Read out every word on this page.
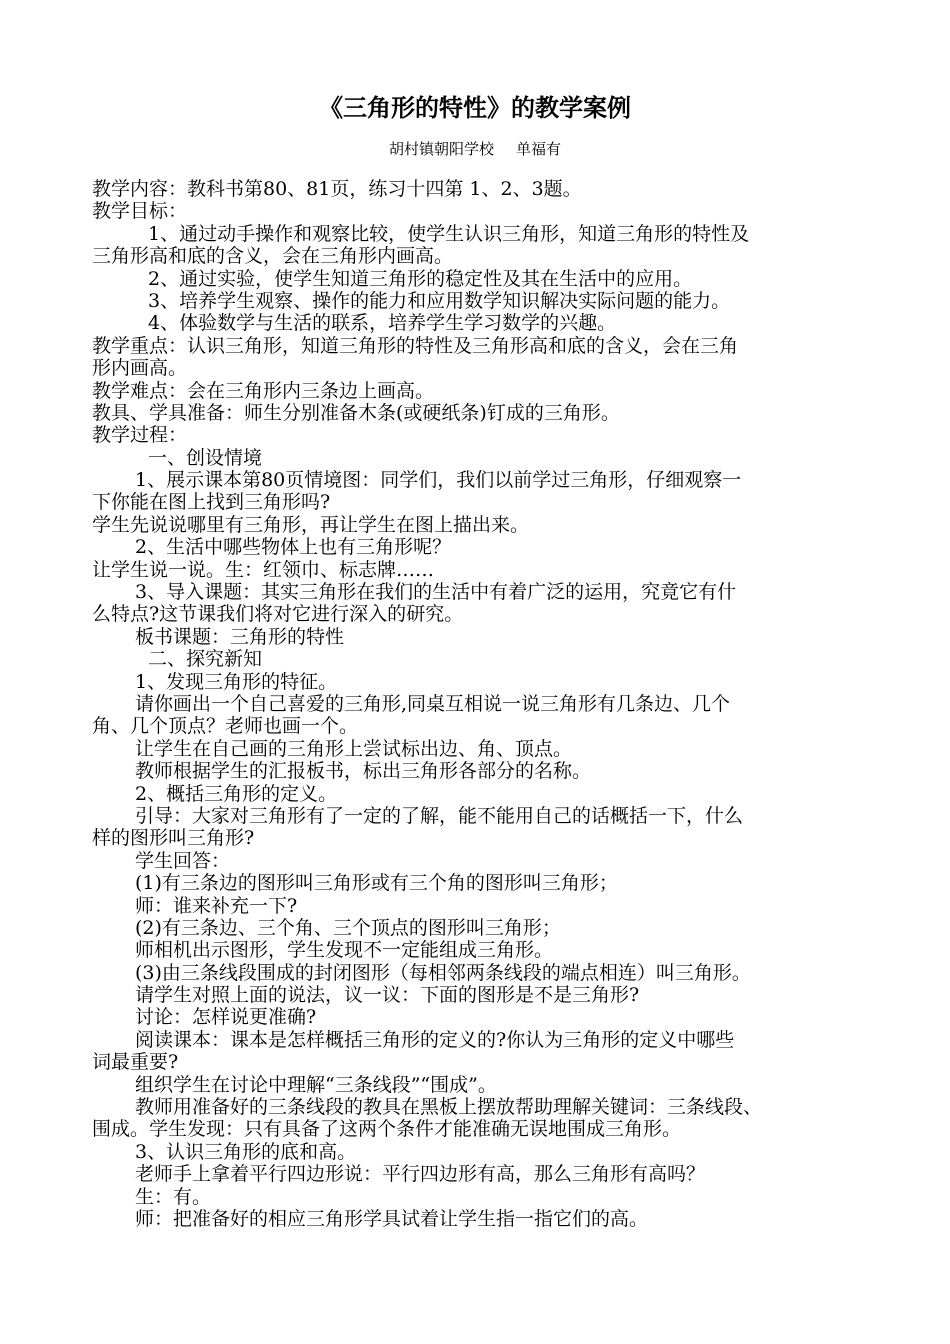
《三角形的特性》的教学案例
胡村镇朝阳学校 单福有
教学内容：教科书第80、81页，练习十四第 1、2、3题。
教学目标：
1、通过动手操作和观察比较，使学生认识三角形，知道三角形的特性及
三角形高和底的含义，会在三角形内画高。
2、通过实验，使学生知道三角形的稳定性及其在生活中的应用。
3、培养学生观察、操作的能力和应用数学知识解决实际问题的能力。
4、体验数学与生活的联系，培养学生学习数学的兴趣。
教学重点：认识三角形，知道三角形的特性及三角形高和底的含义，会在三角
形内画高。
教学难点：会在三角形内三条边上画高。
教具、学具准备：师生分别准备木条(或硬纸条)钉成的三角形。
教学过程：
一、创设情境
1、展示课本第80页情境图：同学们，我们以前学过三角形，仔细观察一
下你能在图上找到三角形吗?
学生先说说哪里有三角形，再让学生在图上描出来。
2、生活中哪些物体上也有三角形呢？
让学生说一说。生：红领巾、标志牌……
3、导入课题：其实三角形在我们的生活中有着广泛的运用，究竟它有什
么特点?这节课我们将对它进行深入的研究。
板书课题：三角形的特性
二、探究新知
1、发现三角形的特征。
请你画出一个自己喜爱的三角形,同桌互相说一说三角形有几条边、几个
角、几个顶点？老师也画一个。
让学生在自己画的三角形上尝试标出边、角、顶点。
教师根据学生的汇报板书，标出三角形各部分的名称。
2、概括三角形的定义。
引导：大家对三角形有了一定的了解，能不能用自己的话概括一下，什么
样的图形叫三角形?
学生回答：
(1)有三条边的图形叫三角形或有三个角的图形叫三角形；
师：谁来补充一下?
(2)有三条边、三个角、三个顶点的图形叫三角形；
师相机出示图形，学生发现不一定能组成三角形。
(3)由三条线段围成的封闭图形（每相邻两条线段的端点相连）叫三角形。
请学生对照上面的说法，议一议：下面的图形是不是三角形?
讨论：怎样说更准确?
阅读课本：课本是怎样概括三角形的定义的?你认为三角形的定义中哪些
词最重要?
组织学生在讨论中理解“三条线段”“围成”。
教师用准备好的三条线段的教具在黑板上摆放帮助理解关键词：三条线段、
围成。学生发现：只有具备了这两个条件才能准确无误地围成三角形。
3、认识三角形的底和高。
老师手上拿着平行四边形说：平行四边形有高，那么三角形有高吗？
生：有。
师：把准备好的相应三角形学具试着让学生指一指它们的高。
